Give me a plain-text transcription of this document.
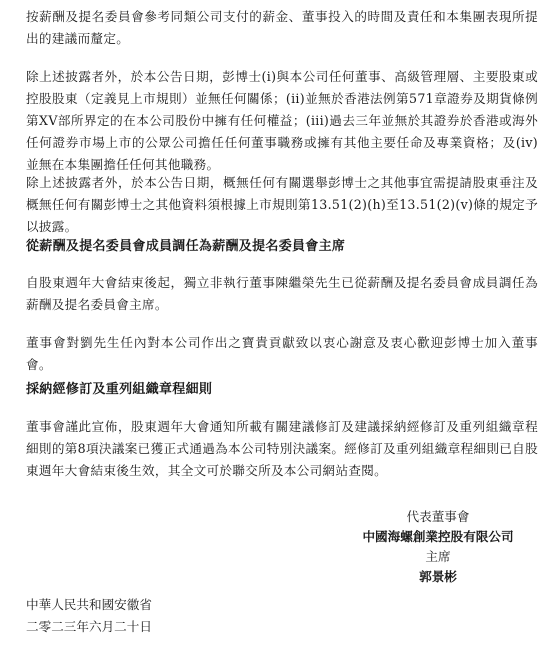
按薪酬及提名委員會參考同類公司支付的薪金、董事投入的時間及責任和本集團表現所提出的建議而釐定。

除上述披露者外，於本公告日期，彭博士(i)與本公司任何董事、高級管理層、主要股東或控股股東（定義見上市規則）並無任何關係；(ii)並無於香港法例第571章證券及期貨條例第XV部所界定的在本公司股份中擁有任何權益；(iii)過去三年並無於其證券於香港或海外任何證券市場上市的公眾公司擔任任何董事職務或擁有其他主要任命及專業資格；及(iv)並無在本集團擔任任何其他職務。

除上述披露者外，於本公告日期，概無任何有關選舉彭博士之其他事宜需提請股東垂注及概無任何有關彭博士之其他資料須根據上市規則第13.51(2)(h)至13.51(2)(v)條的規定予以披露。

從薪酬及提名委員會成員調任為薪酬及提名委員會主席

自股東週年大會結束後起，獨立非執行董事陳繼榮先生已從薪酬及提名委員會成員調任為薪酬及提名委員會主席。

董事會對劉先生任內對本公司作出之寶貴貢獻致以衷心謝意及衷心歡迎彭博士加入董事會。

採納經修訂及重列組織章程細則

董事會謹此宣佈，股東週年大會通知所載有關建議修訂及建議採納經修訂及重列組織章程細則的第8項決議案已獲正式通過為本公司特別決議案。經修訂及重列組織章程細則已自股東週年大會結束後生效，其全文可於聯交所及本公司網站查閱。

代表董事會
中國海螺創業控股有限公司
主席
郭景彬
中華人民共和國安徽省
二零二三年六月二十日
